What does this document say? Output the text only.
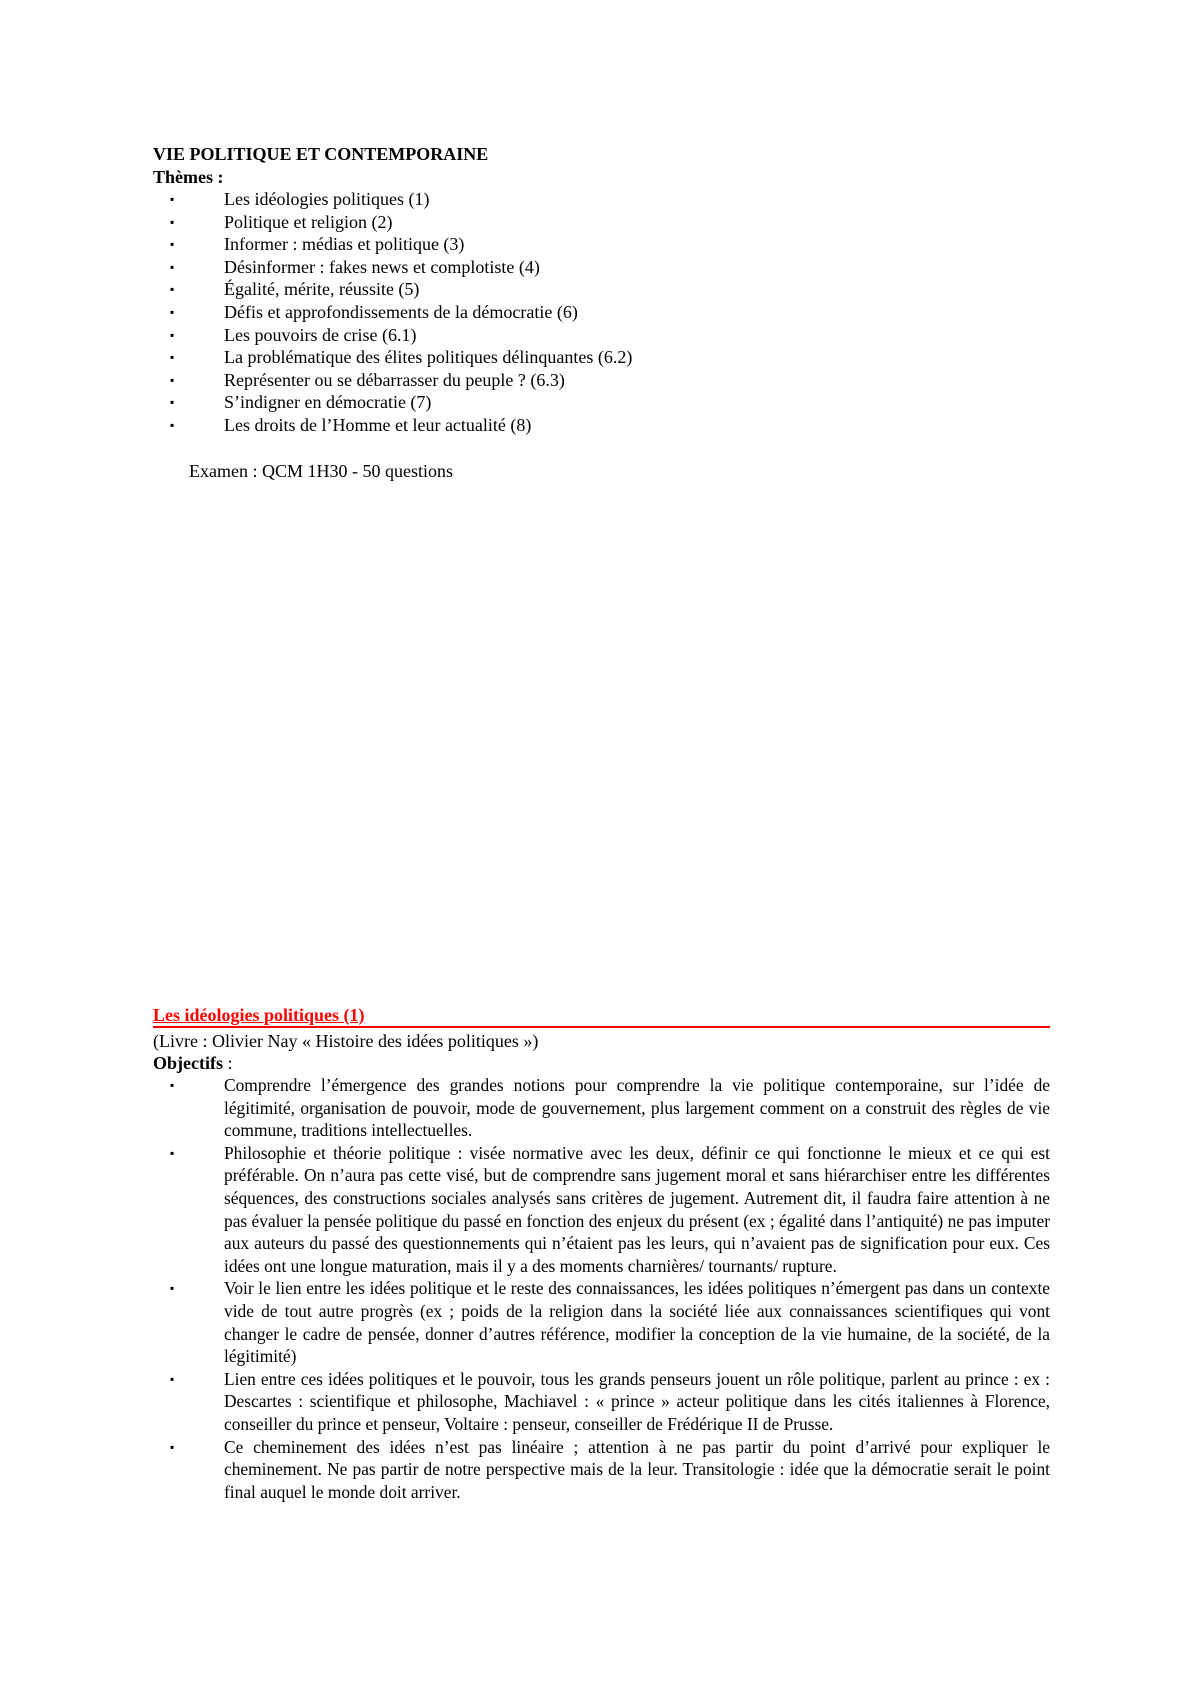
VIE POLITIQUE ET CONTEMPORAINE

Thèmes :

▪	Les idéologies politiques (1)
▪	Politique et religion (2)
▪	Informer : médias et politique (3)
▪	Désinformer : fakes news et complotiste (4)
▪	Égalité, mérite, réussite (5)
▪	Défis et approfondissements de la démocratie (6)
▪	Les pouvoirs de crise (6.1)
▪	La problématique des élites politiques délinquantes (6.2)
▪	Représenter ou se débarrasser du peuple ? (6.3)
▪	S’indigner en démocratie (7)
▪	Les droits de l’Homme et leur actualité (8)

Examen : QCM 1H30 - 50 questions

Les idéologies politiques (1)

(Livre : Olivier Nay « Histoire des idées politiques »)

Objectifs :

▪	Comprendre l’émergence des grandes notions pour comprendre la vie politique contemporaine, sur l’idée de légitimité, organisation de pouvoir, mode de gouvernement, plus largement comment on a construit des règles de vie commune, traditions intellectuelles.
▪	Philosophie et théorie politique : visée normative avec les deux, définir ce qui fonctionne le mieux et ce qui est préférable. On n’aura pas cette visé, but de comprendre sans jugement moral et sans hiérarchiser entre les différentes séquences, des constructions sociales analysés sans critères de jugement. Autrement dit, il faudra faire attention à ne pas évaluer la pensée politique du passé en fonction des enjeux du présent (ex ; égalité dans l’antiquité) ne pas imputer aux auteurs du passé des questionnements qui n’étaient pas les leurs, qui n’avaient pas de signification pour eux. Ces idées ont une longue maturation, mais il y a des moments charnières/ tournants/ rupture.
▪	Voir le lien entre les idées politique et le reste des connaissances, les idées politiques n’émergent pas dans un contexte vide de tout autre progrès (ex ; poids de la religion dans la société liée aux connaissances scientifiques qui vont changer le cadre de pensée, donner d’autres référence, modifier la conception de la vie humaine, de la société, de la légitimité)
▪	Lien entre ces idées politiques et le pouvoir, tous les grands penseurs jouent un rôle politique, parlent au prince : ex : Descartes : scientifique et philosophe, Machiavel : « prince » acteur politique dans les cités italiennes à Florence, conseiller du prince et penseur, Voltaire : penseur, conseiller de Frédérique II de Prusse.
▪	Ce cheminement des idées n’est pas linéaire ; attention à ne pas partir du point d’arrivé pour expliquer le cheminement. Ne pas partir de notre perspective mais de la leur. Transitologie : idée que la démocratie serait le point final auquel le monde doit arriver.
